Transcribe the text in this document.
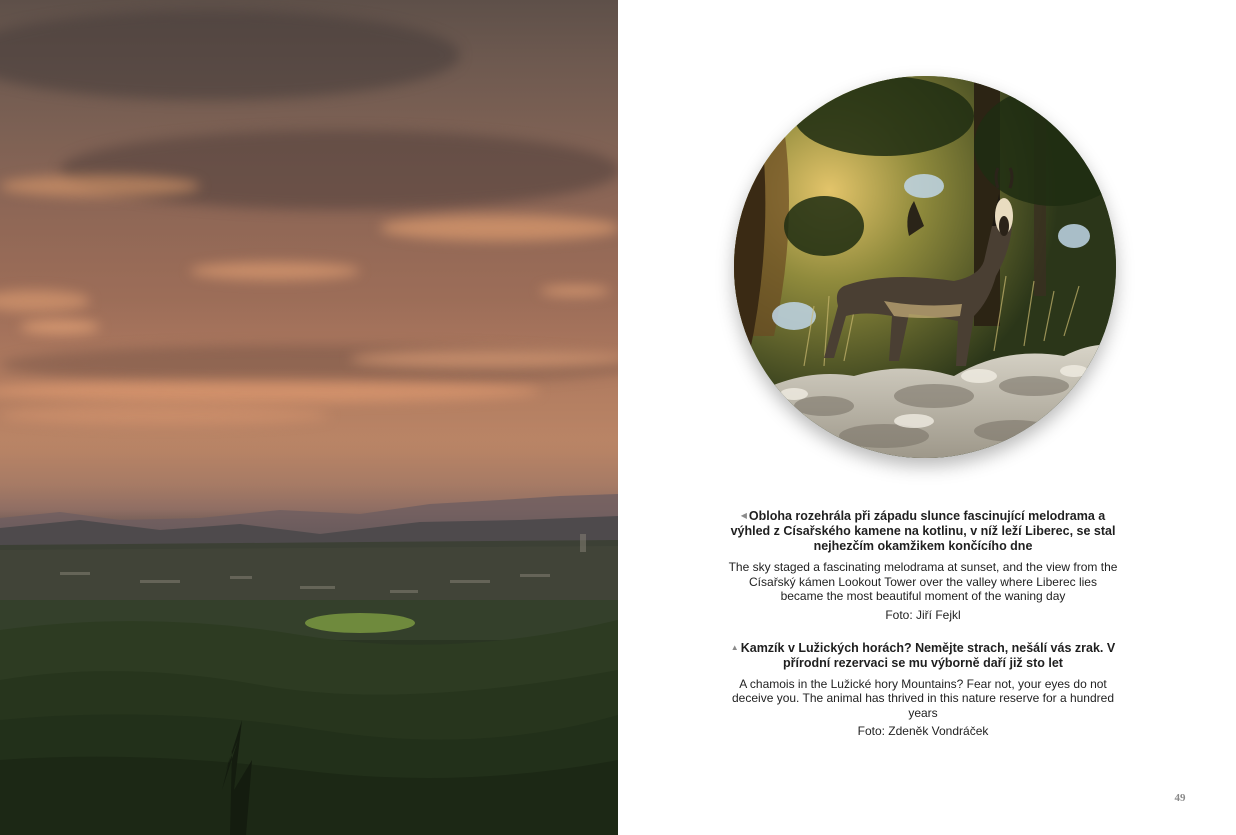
◀ Obloha rozehrála při západu slunce fascinující melodrama a výhled z Císařského kamene na kotlinu, v níž leží Liberec, se stal nejhezčím okamžikem končícího dne

The sky staged a fascinating melodrama at sunset, and the view from the Císařský kámen Lookout Tower over the valley where Liberec lies became the most beautiful moment of the waning day

Foto: Jiří Fejkl

▲ Kamzík v Lužických horách? Nemějte strach, nešálí vás zrak. V přírodní rezervaci se mu výborně daří již sto let

A chamois in the Lužické hory Mountains? Fear not, your eyes do not deceive you. The animal has thrived in this nature reserve for a hundred years

Foto: Zdeněk Vondráček

49
